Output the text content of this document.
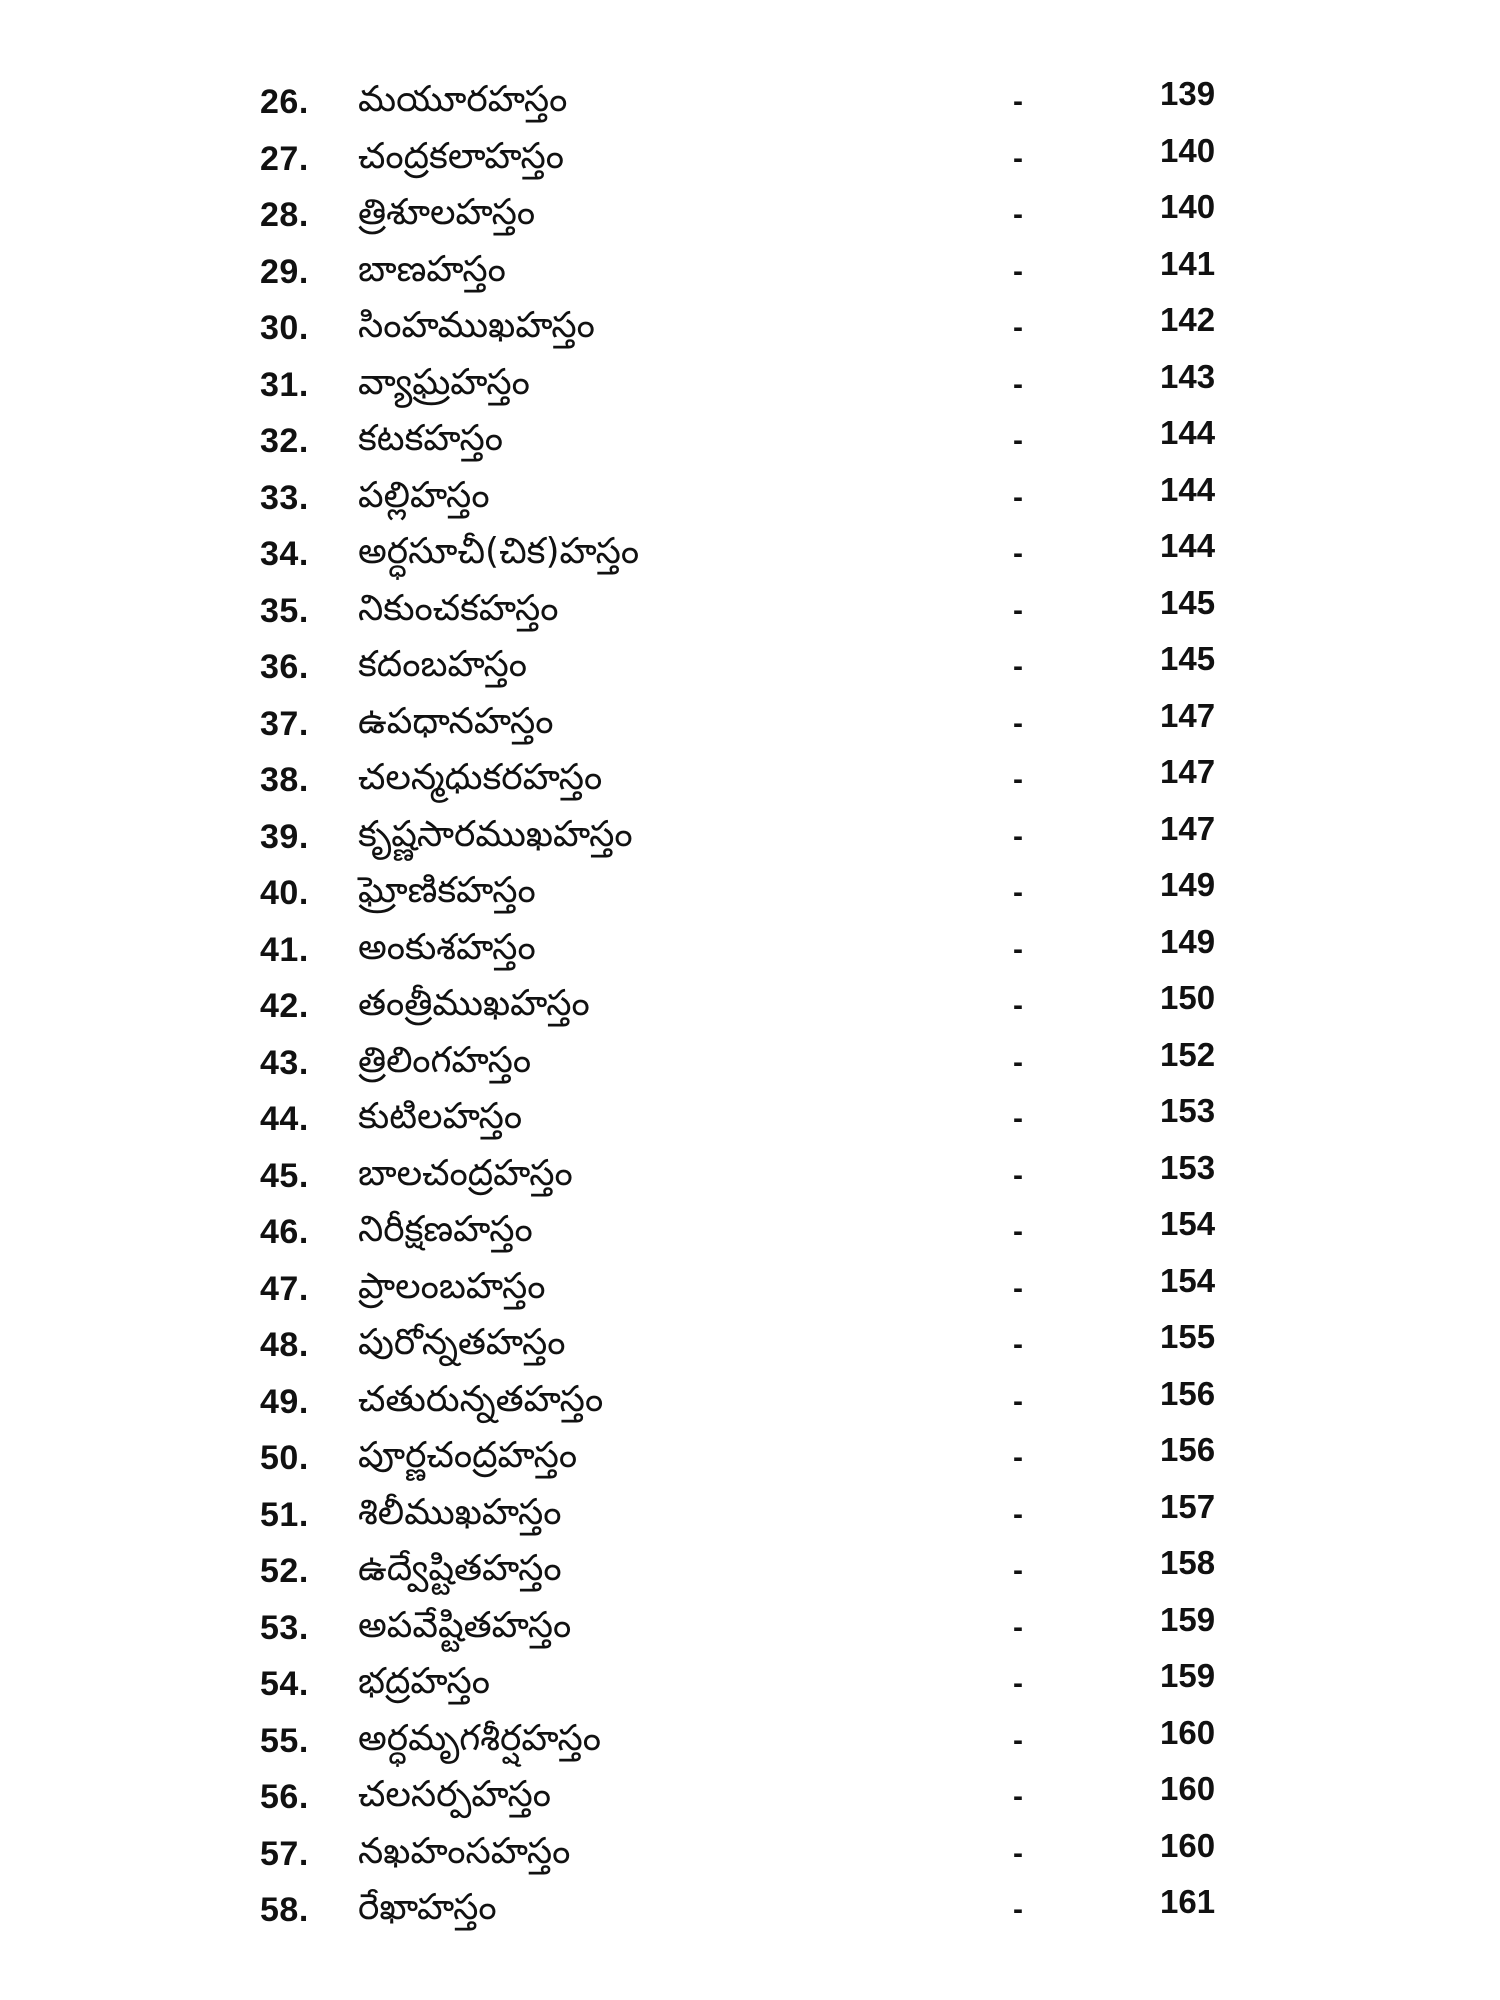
26.	మయూరహస్తం	-	139
27.	చంద్రకలాహస్తం	-	140
28.	త్రిశూలహస్తం	-	140
29.	బాణహస్తం	-	141
30.	సింహముఖహస్తం	-	142
31.	వ్యాఘ్రహస్తం	-	143
32.	కటకహస్తం	-	144
33.	పల్లిహస్తం	-	144
34.	అర్ధసూచీ(చిక)హస్తం	-	144
35.	నికుంచకహస్తం	-	145
36.	కదంబహస్తం	-	145
37.	ఉపధానహస్తం	-	147
38.	చలన్మధుకరహస్తం	-	147
39.	కృష్ణసారముఖహస్తం	-	147
40.	ఘ్రోణికహస్తం	-	149
41.	అంకుశహస్తం	-	149
42.	తంత్రీముఖహస్తం	-	150
43.	త్రిలింగహస్తం	-	152
44.	కుటిలహస్తం	-	153
45.	బాలచంద్రహస్తం	-	153
46.	నిరీక్షణహస్తం	-	154
47.	ప్రాలంబహస్తం	-	154
48.	పురోన్నతహస్తం	-	155
49.	చతురున్నతహస్తం	-	156
50.	పూర్ణచంద్రహస్తం	-	156
51.	శిలీముఖహస్తం	-	157
52.	ఉద్వేష్టితహస్తం	-	158
53.	అపవేష్టితహస్తం	-	159
54.	భద్రహస్తం	-	159
55.	అర్ధమృగశీర్షహస్తం	-	160
56.	చలసర్పహస్తం	-	160
57.	నఖహంసహస్తం	-	160
58.	రేఖాహస్తం	-	161
